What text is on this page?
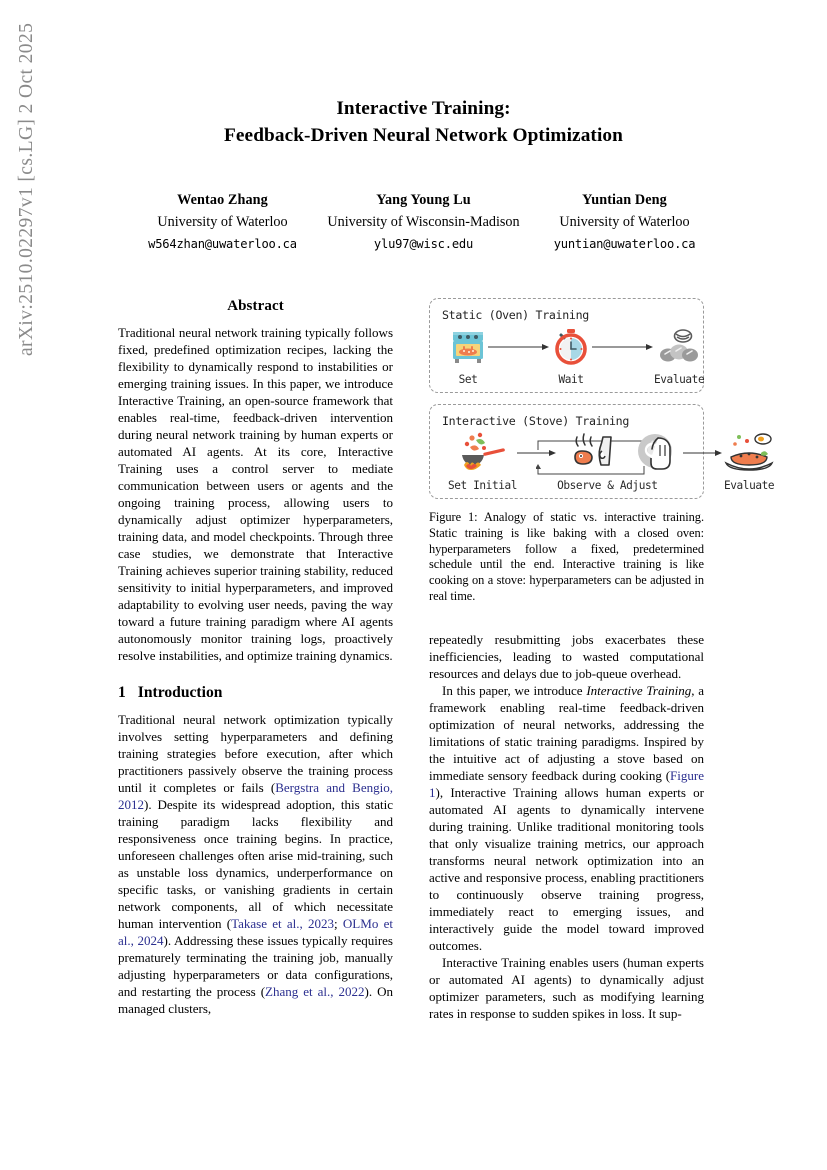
arXiv:2510.02297v1 [cs.LG] 2 Oct 2025	Interactive Training:
Feedback-Driven Neural Network Optimization
Wentao Zhang
University of Waterloo
w564zhan@uwaterloo.ca
Yang Young Lu
University of Wisconsin-Madison
ylu97@wisc.edu
Yuntian Deng
University of Waterloo
yuntian@uwaterloo.ca
Abstract

Traditional neural network training typically follows fixed, predefined optimization recipes, lacking the flexibility to dynamically respond to instabilities or emerging training issues. In this paper, we introduce Interactive Training, an open-source framework that enables real-time, feedback-driven intervention during neural network training by human experts or automated AI agents. At its core, Interactive Training uses a control server to mediate communication between users or agents and the ongoing training process, allowing users to dynamically adjust optimizer hyperparameters, training data, and model checkpoints. Through three case studies, we demonstrate that Interactive Training achieves superior training stability, reduced sensitivity to initial hyperparameters, and improved adaptability to evolving user needs, paving the way toward a future training paradigm where AI agents autonomously monitor training logs, proactively resolve instabilities, and optimize training dynamics.

1 Introduction

Traditional neural network optimization typically involves setting hyperparameters and defining training strategies before execution, after which practitioners passively observe the training process until it completes or fails (Bergstra and Bengio, 2012). Despite its widespread adoption, this static training paradigm lacks flexibility and responsiveness once training begins. In practice, unforeseen challenges often arise mid-training, such as unstable loss dynamics, underperformance on specific tasks, or vanishing gradients in certain network components, all of which necessitate human intervention (Takase et al., 2023; OLMo et al., 2024). Addressing these issues typically requires prematurely terminating the training job, manually adjusting hyperparameters or data configurations, and restarting the process (Zhang et al., 2022). On managed clusters,

Static (Oven) Training
Set	Wait	Evaluate
Interactive (Stove) Training
Set Initial	Observe & Adjust	Evaluate
Figure 1: Analogy of static vs. interactive training. Static training is like baking with a closed oven: hyperparameters follow a fixed, predetermined schedule until the end. Interactive training is like cooking on a stove: hyperparameters can be adjusted in real time.

repeatedly resubmitting jobs exacerbates these inefficiencies, leading to wasted computational resources and delays due to job-queue overhead.

In this paper, we introduce Interactive Training, a framework enabling real-time feedback-driven optimization of neural networks, addressing the limitations of static training paradigms. Inspired by the intuitive act of adjusting a stove based on immediate sensory feedback during cooking (Figure 1), Interactive Training allows human experts or automated AI agents to dynamically intervene during training. Unlike traditional monitoring tools that only visualize training metrics, our approach transforms neural network optimization into an active and responsive process, enabling practitioners to continuously observe training progress, immediately react to emerging issues, and interactively guide the model toward improved outcomes.

Interactive Training enables users (human experts or automated AI agents) to dynamically adjust optimizer parameters, such as modifying learning rates in response to sudden spikes in loss. It sup-
